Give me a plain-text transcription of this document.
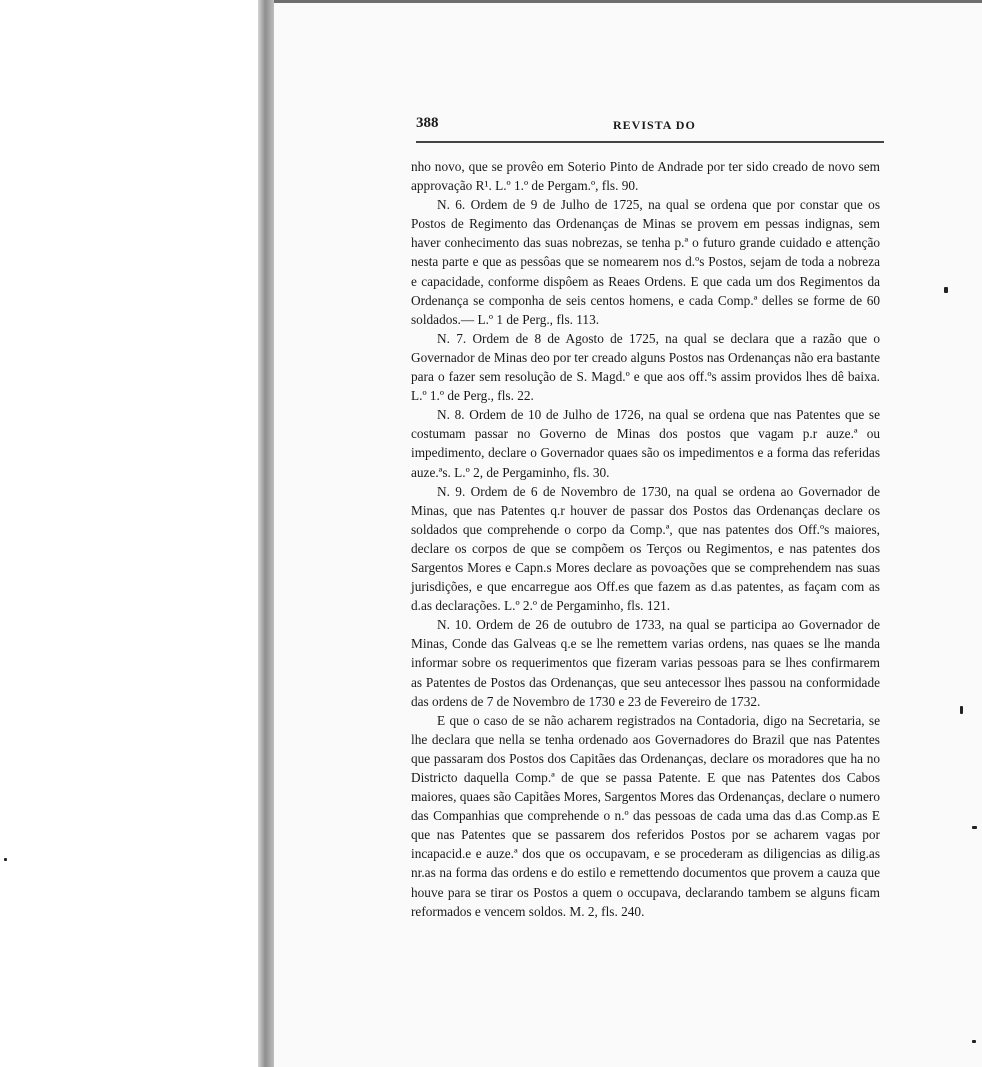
388	REVISTA DO

nho novo, que se provêo em Soterio Pinto de Andrade por ter sido creado de novo sem approvação R¹. L.º 1.º de Pergam.º, fls. 90.

N. 6. Ordem de 9 de Julho de 1725, na qual se ordena que por constar que os Postos de Regimento das Ordenanças de Minas se provem em pessas indignas, sem haver conhecimento das suas nobrezas, se tenha p.ª o futuro grande cuidado e attenção nesta parte e que as pessôas que se nomearem nos d.ºs Postos, sejam de toda a nobreza e capacidade, conforme dispôem as Reaes Ordens. E que cada um dos Regimentos da Ordenança se componha de seis centos homens, e cada Comp.ª delles se forme de 60 soldados.— L.º 1 de Perg., fls. 113.

N. 7. Ordem de 8 de Agosto de 1725, na qual se declara que a razão que o Governador de Minas deo por ter creado alguns Postos nas Ordenanças não era bastante para o fazer sem resolução de S. Magd.º e que aos off.ºs assim providos lhes dê baixa. L.º 1.º de Perg., fls. 22.

N. 8. Ordem de 10 de Julho de 1726, na qual se ordena que nas Patentes que se costumam passar no Governo de Minas dos postos que vagam p.r auze.ª ou impedimento, declare o Governador quaes são os impedimentos e a forma das referidas auze.ªs. L.º 2, de Pergaminho, fls. 30.

N. 9. Ordem de 6 de Novembro de 1730, na qual se ordena ao Governador de Minas, que nas Patentes q.r houver de passar dos Postos das Ordenanças declare os soldados que comprehende o corpo da Comp.ª, que nas patentes dos Off.ºs maiores, declare os corpos de que se compõem os Terços ou Regimentos, e nas patentes dos Sargentos Mores e Capn.s Mores declare as povoações que se comprehendem nas suas jurisdições, e que encarregue aos Off.es que fazem as d.as patentes, as façam com as d.as declarações. L.º 2.º de Pergaminho, fls. 121.

N. 10. Ordem de 26 de outubro de 1733, na qual se participa ao Governador de Minas, Conde das Galveas q.e se lhe remettem varias ordens, nas quaes se lhe manda informar sobre os requerimentos que fizeram varias pessoas para se lhes confirmarem as Patentes de Postos das Ordenanças, que seu antecessor lhes passou na conformidade das ordens de 7 de Novembro de 1730 e 23 de Fevereiro de 1732.

E que o caso de se não acharem registrados na Contadoria, digo na Secretaria, se lhe declara que nella se tenha ordenado aos Governadores do Brazil que nas Patentes que passaram dos Postos dos Capitães das Ordenanças, declare os moradores que ha no Districto daquella Comp.ª de que se passa Patente. E que nas Patentes dos Cabos maiores, quaes são Capitães Mores, Sargentos Mores das Ordenanças, declare o numero das Companhias que comprehende o n.º das pessoas de cada uma das d.as Comp.as E que nas Patentes que se passarem dos referidos Postos por se acharem vagas por incapacid.e e auze.ª dos que os occupavam, e se procederam as diligencias as dilig.as nr.as na forma das ordens e do estilo e remettendo documentos que provem a cauza que houve para se tirar os Postos a quem o occupava, declarando tambem se alguns ficam reformados e vencem soldos. M. 2, fls. 240.
